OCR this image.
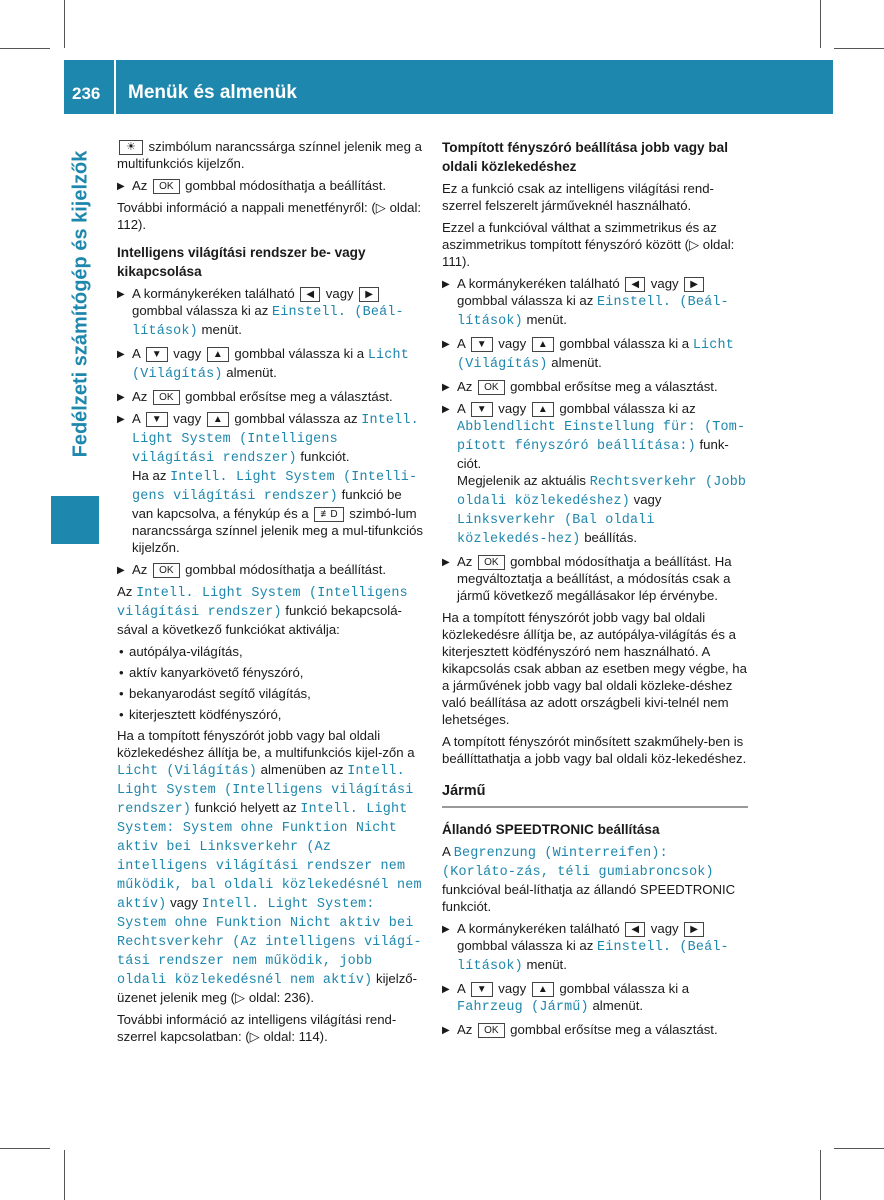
236 Menük és almenük
Fedélzeti számítógép és kijelzők

☀ szimbólum narancssárga színnel jelenik meg a multifunkciós kijelzőn.

▶ Az OK gombbal módosíthatja a beállítást.

További információ a nappali menetfényről: (▷ oldal: 112).

Intelligens világítási rendszer be- vagy kikapcsolása
▶ A kormánykeréken található ◀ vagy ▶ gombbal válassza ki az Einstell. (Beál-lítások) menüt.
▶ A ▼ vagy ▲ gombbal válassza ki a Licht (Világítás) almenüt.
▶ Az OK gombbal erősítse meg a választást.
▶ A ▼ vagy ▲ gombbal válassza az Intell. Light System (Intelligens világítási rendszer) funkciót.
Ha az Intell. Light System (Intelli-gens világítási rendszer) funkció be van kapcsolva, a fénykúp és a ≢D szimbó-lum narancssárga színnel jelenik meg a mul-tifunkciós kijelzőn.
▶ Az OK gombbal módosíthatja a beállítást.

Az Intell. Light System (Intelligens világítási rendszer) funkció bekapcsolá-sával a következő funkciókat aktiválja:

• autópálya-világítás,
• aktív kanyarkövető fényszóró,
• bekanyarodást segítő világítás,
• kiterjesztett ködfényszóró,

Ha a tompított fényszórót jobb vagy bal oldali közlekedéshez állítja be, a multifunkciós kijel-zőn a Licht (Világítás) almenüben az Intell. Light System (Intelligens világítási rendszer) funkció helyett az Intell. Light System: System ohne Funktion Nicht aktiv bei Linksverkehr (Az intelligens világítási rendszer nem működik, bal oldali közlekedésnél nem aktív) vagy Intell. Light System: System ohne Funktion Nicht aktiv bei Rechtsverkehr (Az intelligens világí-tási rendszer nem működik, jobb oldali közlekedésnél nem aktív) kijelző-üzenet jelenik meg (▷ oldal: 236).

További információ az intelligens világítási rend-szerrel kapcsolatban: (▷ oldal: 114).

Tompított fényszóró beállítása jobb vagy bal oldali közlekedéshez

Ez a funkció csak az intelligens világítási rend-szerrel felszerelt járműveknél használható.

Ezzel a funkcióval válthat a szimmetrikus és az aszimmetrikus tompított fényszóró között (▷ oldal: 111).

▶ A kormánykeréken található ◀ vagy ▶ gombbal válassza ki az Einstell. (Beál-lítások) menüt.
▶ A ▼ vagy ▲ gombbal válassza ki a Licht (Világítás) almenüt.
▶ Az OK gombbal erősítse meg a választást.
▶ A ▼ vagy ▲ gombbal válassza ki az Abblendlicht Einstellung für: (Tom-pított fényszóró beállítása:) funk-ciót.
Megjelenik az aktuális Rechtsverkehr (Jobb oldali közlekedéshez) vagy Linksverkehr (Bal oldali közlekedés-hez) beállítás.
▶ Az OK gombbal módosíthatja a beállítást. Ha megváltoztatja a beállítást, a módosítás csak a jármű következő megállásakor lép érvénybe.

Ha a tompított fényszórót jobb vagy bal oldali közlekedésre állítja be, az autópálya-világítás és a kiterjesztett ködfényszóró nem használható. A kikapcsolás csak abban az esetben megy végbe, ha a járművének jobb vagy bal oldali közleke-déshez való beállítása az adott országbeli kivi-telnél nem lehetséges.

A tompított fényszórót minősített szakműhely-ben is beállíttathatja a jobb vagy bal oldali köz-lekedéshez.

Jármű
Állandó SPEEDTRONIC beállítása

A Begrenzung (Winterreifen): (Korláto-zás, téli gumiabroncsok) funkcióval beál-líthatja az állandó SPEEDTRONIC funkciót.

▶ A kormánykeréken található ◀ vagy ▶ gombbal válassza ki az Einstell. (Beál-lítások) menüt.
▶ A ▼ vagy ▲ gombbal válassza ki a Fahrzeug (Jármű) almenüt.
▶ Az OK gombbal erősítse meg a választást.
